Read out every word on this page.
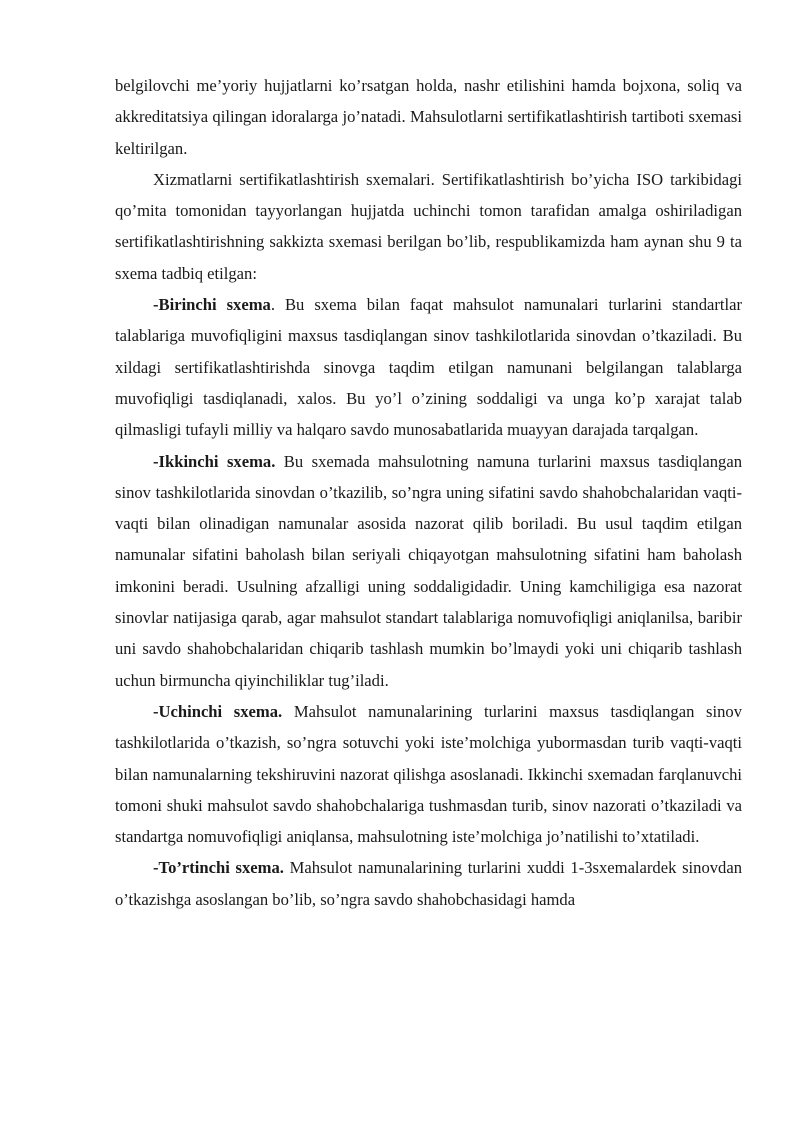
belgilovchi me’yoriy hujjatlarni ko’rsatgan holda, nashr etilishini hamda bojxona, soliq va akkreditatsiya qilingan idoralarga jo’natadi. Mahsulotlarni sertifikatlashtirish tartiboti sxemasi keltirilgan.

Xizmatlarni sertifikatlashtirish sxemalari. Sertifikatlashtirish bo’yicha ISO tarkibidagi qo’mita tomonidan tayyorlangan hujjatda uchinchi tomon tarafidan amalga oshiriladigan sertifikatlashtirishning sakkizta sxemasi berilgan bo’lib, respublikamizda ham aynan shu 9 ta sxema tadbiq etilgan:

-Birinchi sxema. Bu sxema bilan faqat mahsulot namunalari turlarini standartlar talablariga muvofiqligini maxsus tasdiqlangan sinov tashkilotlarida sinovdan o’tkaziladi. Bu xildagi sertifikatlashtirishda sinovga taqdim etilgan namunani belgilangan talablarga muvofiqligi tasdiqlanadi, xalos. Bu yo’l o’zining soddaligi va unga ko’p xarajat talab qilmasligi tufayli milliy va halqaro savdo munosabatlarida muayyan darajada tarqalgan.

-Ikkinchi sxema. Bu sxemada mahsulotning namuna turlarini maxsus tasdiqlangan sinov tashkilotlarida sinovdan o’tkazilib, so’ngra uning sifatini savdo shahobchalaridan vaqti-vaqti bilan olinadigan namunalar asosida nazorat qilib boriladi. Bu usul taqdim etilgan namunalar sifatini baholash bilan seriyali chiqayotgan mahsulotning sifatini ham baholash imkonini beradi. Usulning afzalligi uning soddaligidadir. Uning kamchiligiga esa nazorat sinovlar natijasiga qarab, agar mahsulot standart talablariga nomuvofiqligi aniqlanilsa, baribir uni savdo shahobchalaridan chiqarib tashlash mumkin bo’lmaydi yoki uni chiqarib tashlash uchun birmuncha qiyinchiliklar tug’iladi.

-Uchinchi sxema. Mahsulot namunalarining turlarini maxsus tasdiqlangan sinov tashkilotlarida o’tkazish, so’ngra sotuvchi yoki iste’molchiga yubormasdan turib vaqti-vaqti bilan namunalarning tekshiruvini nazorat qilishga asoslanadi. Ikkinchi sxemadan farqlanuvchi tomoni shuki mahsulot savdo shahobchalariga tushmasdan turib, sinov nazorati o’tkaziladi va standartga nomuvofiqligi aniqlansa, mahsulotning iste’molchiga jo’natilishi to’xtatiladi.

-To’rtinchi sxema. Mahsulot namunalarining turlarini xuddi 1-3sxemalardek sinovdan o’tkazishga asoslangan bo’lib, so’ngra savdo shahobchasidagi hamda
